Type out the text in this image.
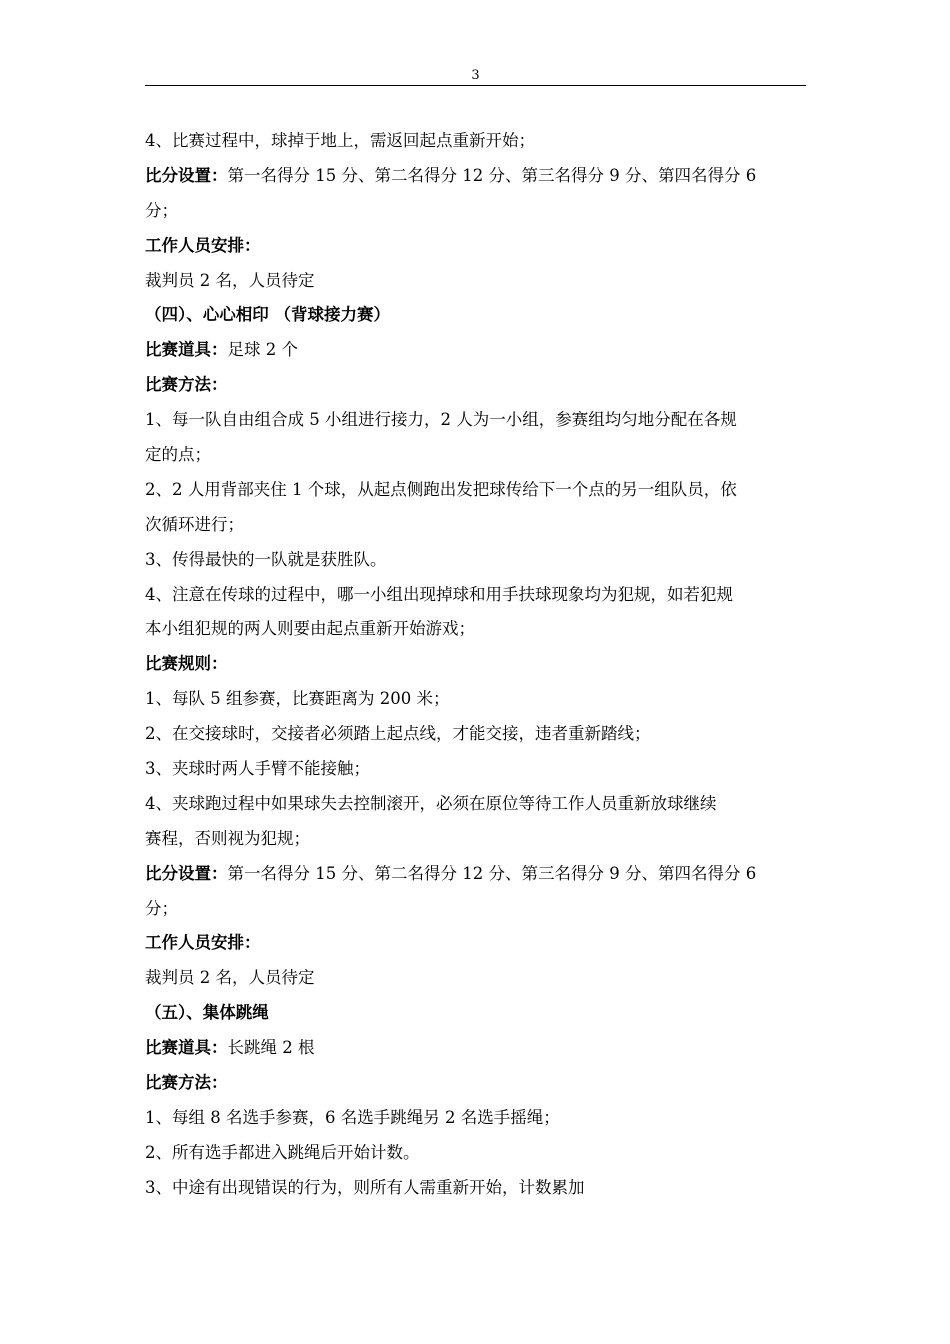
3
4、比赛过程中，球掉于地上，需返回起点重新开始；
比分设置：第一名得分 15 分、第二名得分 12 分、第三名得分 9 分、第四名得分 6
分；
工作人员安排：
裁判员 2 名，人员待定
（四）、心心相印 （背球接力赛）
比赛道具：足球 2 个
比赛方法：
1、每一队自由组合成 5 小组进行接力，2 人为一小组，参赛组均匀地分配在各规
定的点；
2、2 人用背部夹住 1 个球，从起点侧跑出发把球传给下一个点的另一组队员，依
次循环进行；
3、传得最快的一队就是获胜队。
4、注意在传球的过程中，哪一小组出现掉球和用手扶球现象均为犯规，如若犯规
本小组犯规的两人则要由起点重新开始游戏；
比赛规则：
1、每队 5 组参赛，比赛距离为 200 米；
2、在交接球时，交接者必须踏上起点线，才能交接，违者重新踏线；
3、夹球时两人手臂不能接触；
4、夹球跑过程中如果球失去控制滚开，必须在原位等待工作人员重新放球继续
赛程，否则视为犯规；
比分设置：第一名得分 15 分、第二名得分 12 分、第三名得分 9 分、第四名得分 6
分；
工作人员安排：
裁判员 2 名，人员待定
（五）、集体跳绳
比赛道具：长跳绳 2 根
比赛方法：
1、每组 8 名选手参赛，6 名选手跳绳另 2 名选手摇绳；
2、所有选手都进入跳绳后开始计数。
3、中途有出现错误的行为，则所有人需重新开始，计数累加
